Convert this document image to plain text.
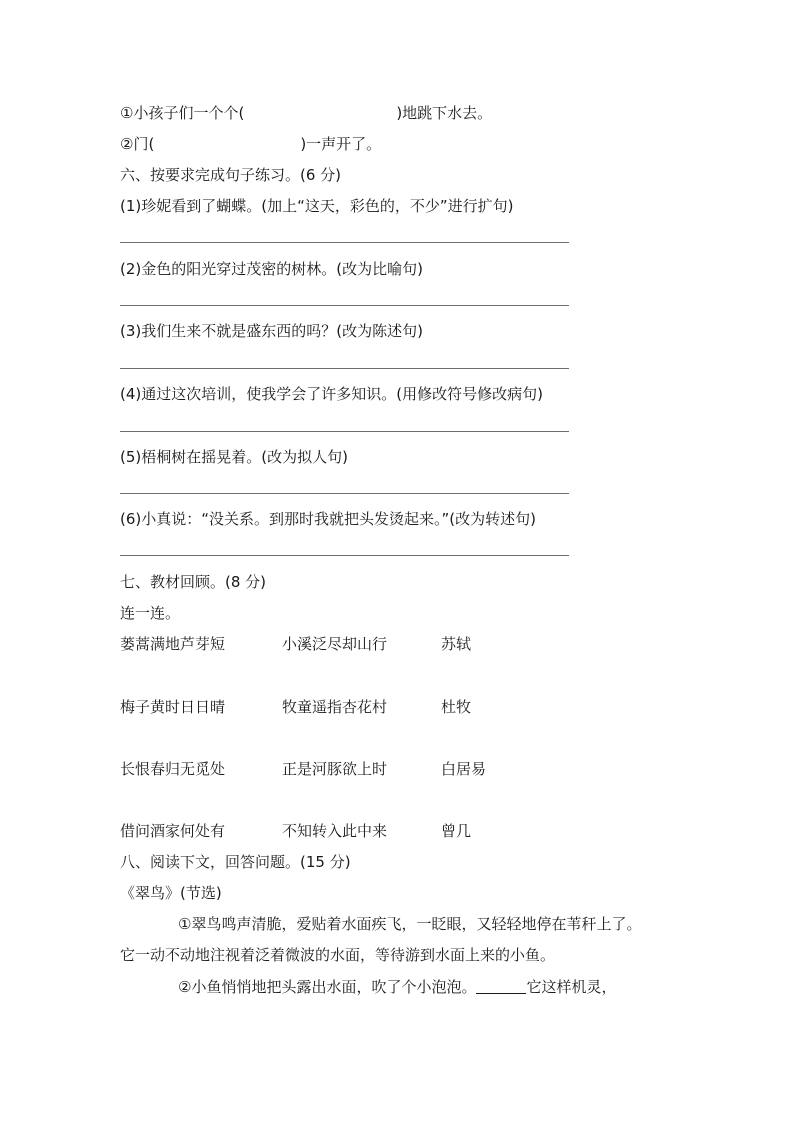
①小孩子们一个个(	)地跳下水去。
②门(	)一声开了。
六、按要求完成句子练习。(6 分)
(1)珍妮看到了蝴蝶。(加上“这天，彩色的，不少”进行扩句)
(2)金色的阳光穿过茂密的树林。(改为比喻句)
(3)我们生来不就是盛东西的吗？(改为陈述句)
(4)通过这次培训，使我学会了许多知识。(用修改符号修改病句)
(5)梧桐树在摇晃着。(改为拟人句)
(6)小真说：“没关系。到那时我就把头发烫起来。”(改为转述句)
七、教材回顾。(8 分)
连一连。
蒌蒿满地芦芽短	小溪泛尽却山行	苏轼
梅子黄时日日晴	牧童遥指杏花村	杜牧
长恨春归无觅处	正是河豚欲上时	白居易
借问酒家何处有	不知转入此中来	曾几
八、阅读下文，回答问题。(15 分)
《翠鸟》(节选)
①翠鸟鸣声清脆，爱贴着水面疾飞，一眨眼，又轻轻地停在苇秆上了。
它一动不动地注视着泛着微波的水面，等待游到水面上来的小鱼。
②小鱼悄悄地把头露出水面，吹了个小泡泡。	它这样机灵，
